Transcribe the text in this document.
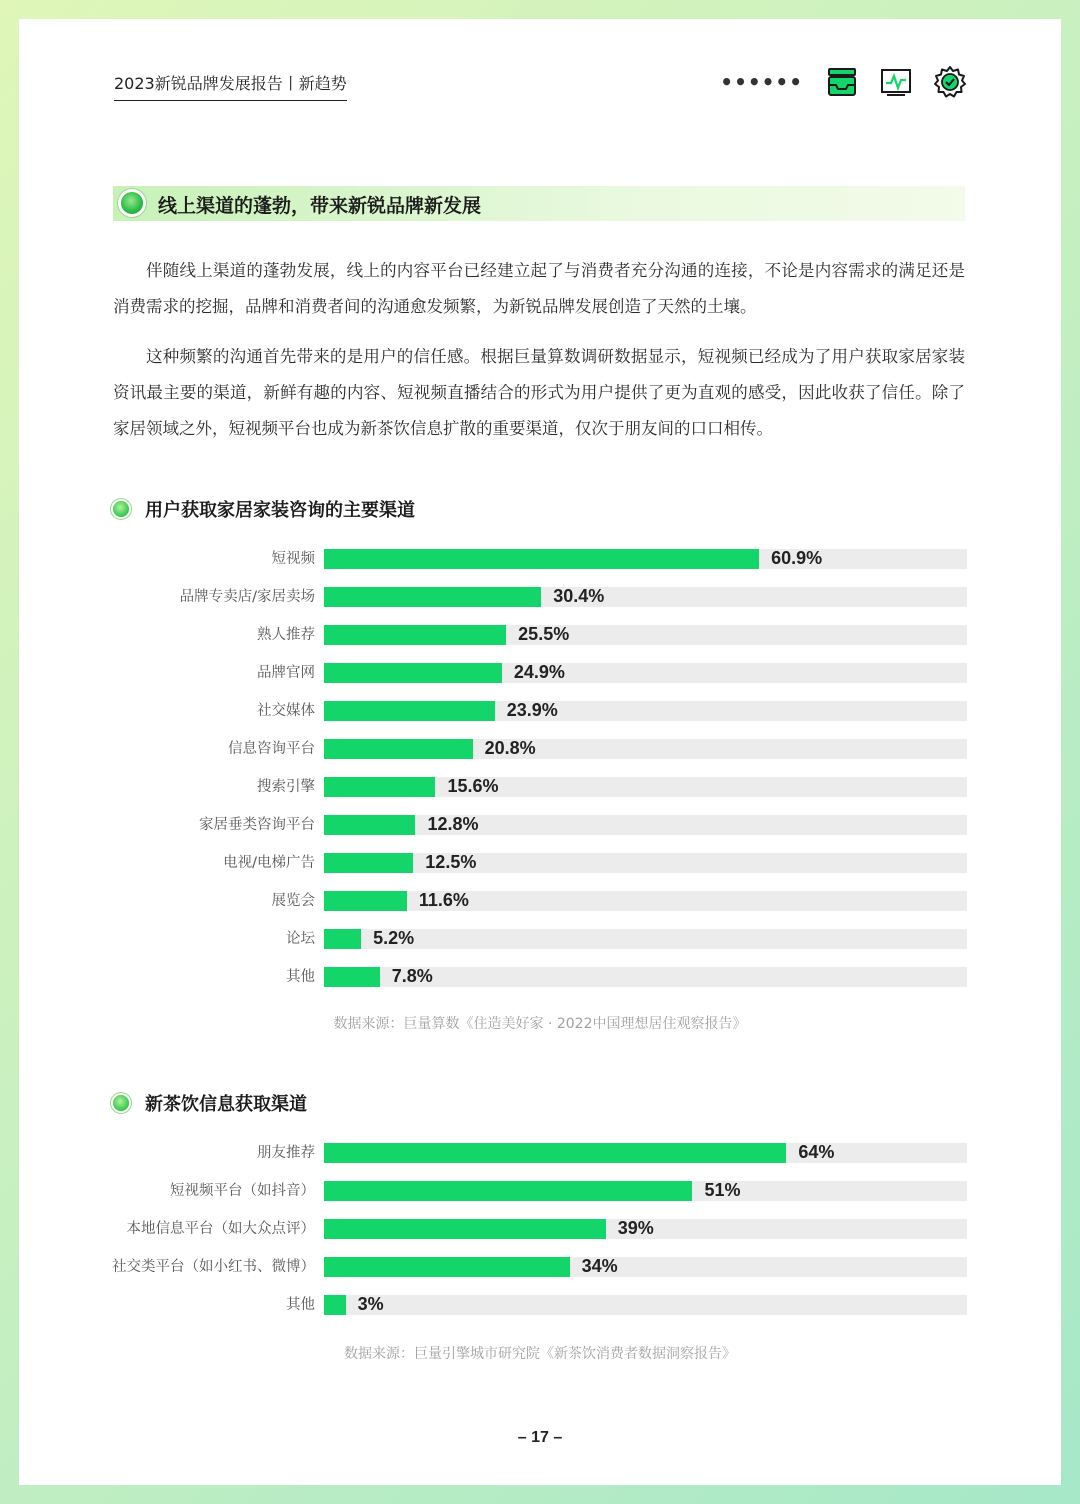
2023新锐品牌发展报告丨新趋势	••••••
线上渠道的蓬勃，带来新锐品牌新发展

伴随线上渠道的蓬勃发展，线上的内容平台已经建立起了与消费者充分沟通的连接，不论是内容需求的满足还是消费需求的挖掘，品牌和消费者间的沟通愈发频繁，为新锐品牌发展创造了天然的土壤。

这种频繁的沟通首先带来的是用户的信任感。根据巨量算数调研数据显示，短视频已经成为了用户获取家居家装资讯最主要的渠道，新鲜有趣的内容、短视频直播结合的形式为用户提供了更为直观的感受，因此收获了信任。除了家居领域之外，短视频平台也成为新茶饮信息扩散的重要渠道，仅次于朋友间的口口相传。

用户获取家居家装咨询的主要渠道
短视频	60.9%
品牌专卖店/家居卖场	30.4%
熟人推荐	25.5%
品牌官网	24.9%
社交媒体	23.9%
信息咨询平台	20.8%
搜索引擎	15.6%
家居垂类咨询平台	12.8%
电视/电梯广告	12.5%
展览会	11.6%
论坛	5.2%
其他	7.8%
数据来源：巨量算数《住造美好家 · 2022中国理想居住观察报告》
新茶饮信息获取渠道
朋友推荐	64%
短视频平台（如抖音）	51%
本地信息平台（如大众点评）	39%
社交类平台（如小红书、微博）	34%
其他 3%
数据来源：巨量引擎城市研究院《新茶饮消费者数据洞察报告》
– 17 –
